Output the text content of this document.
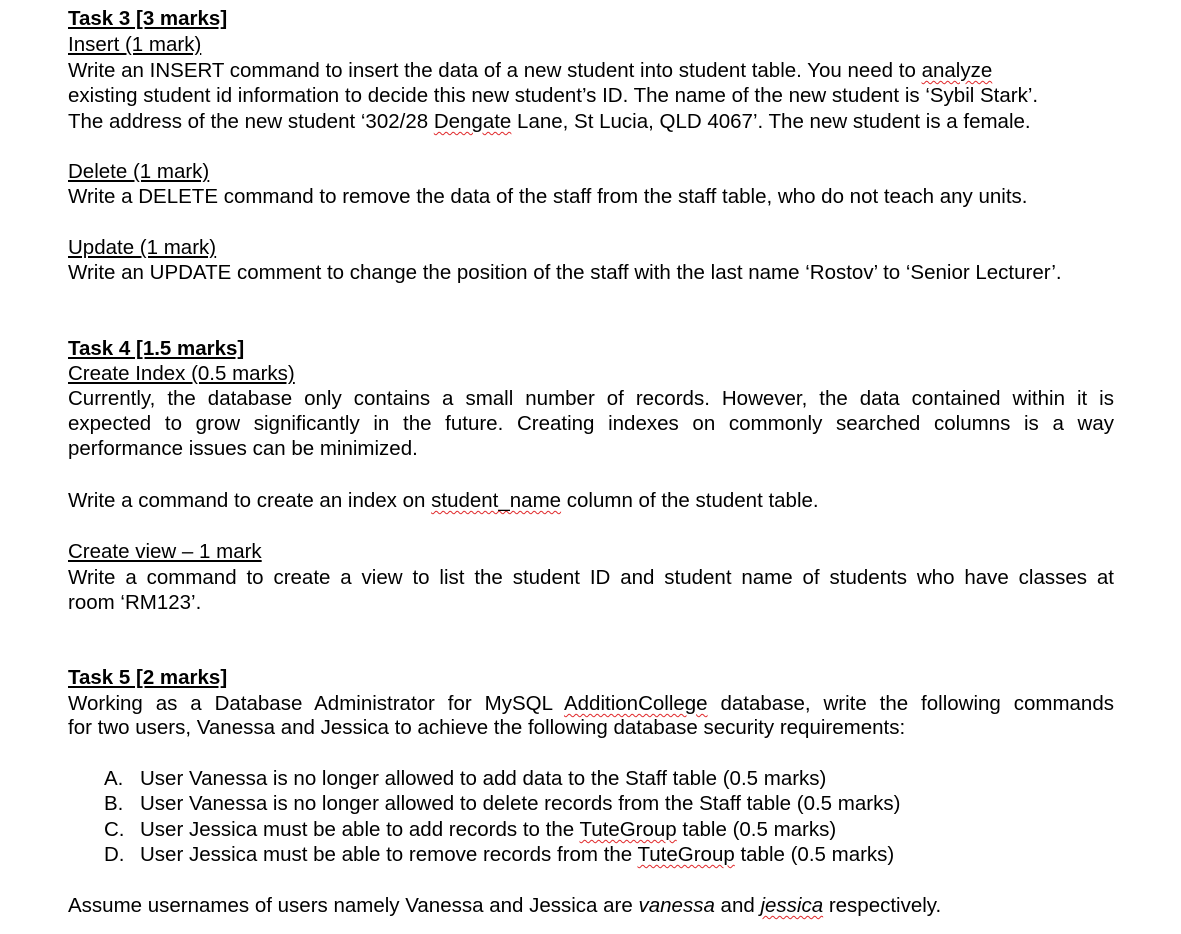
Task 3 [3 marks]
Insert (1 mark)
Write an INSERT command to insert the data of a new student into student table. You need to analyze
existing student id information to decide this new student’s ID. The name of the new student is ‘Sybil Stark’.
The address of the new student ‘302/28 Dengate Lane, St Lucia, QLD 4067’. The new student is a female.
Delete (1 mark)
Write a DELETE command to remove the data of the staff from the staff table, who do not teach any units.
Update (1 mark)
Write an UPDATE comment to change the position of the staff with the last name ‘Rostov’ to ‘Senior Lecturer’.
Task 4 [1.5 marks]
Create Index (0.5 marks)
Currently, the database only contains a small number of records. However, the data contained within it is
expected to grow significantly in the future. Creating indexes on commonly searched columns is a way
performance issues can be minimized.
Write a command to create an index on student_name column of the student table.
Create view – 1 mark
Write a command to create a view to list the student ID and student name of students who have classes at
room ‘RM123’.
Task 5 [2 marks]
Working as a Database Administrator for MySQL AdditionCollege database, write the following commands
for two users, Vanessa and Jessica to achieve the following database security requirements:
A. User Vanessa is no longer allowed to add data to the Staff table (0.5 marks)
B. User Vanessa is no longer allowed to delete records from the Staff table (0.5 marks)
C. User Jessica must be able to add records to the TuteGroup table (0.5 marks)
D. User Jessica must be able to remove records from the TuteGroup table (0.5 marks)
Assume usernames of users namely Vanessa and Jessica are vanessa and jessica respectively.
